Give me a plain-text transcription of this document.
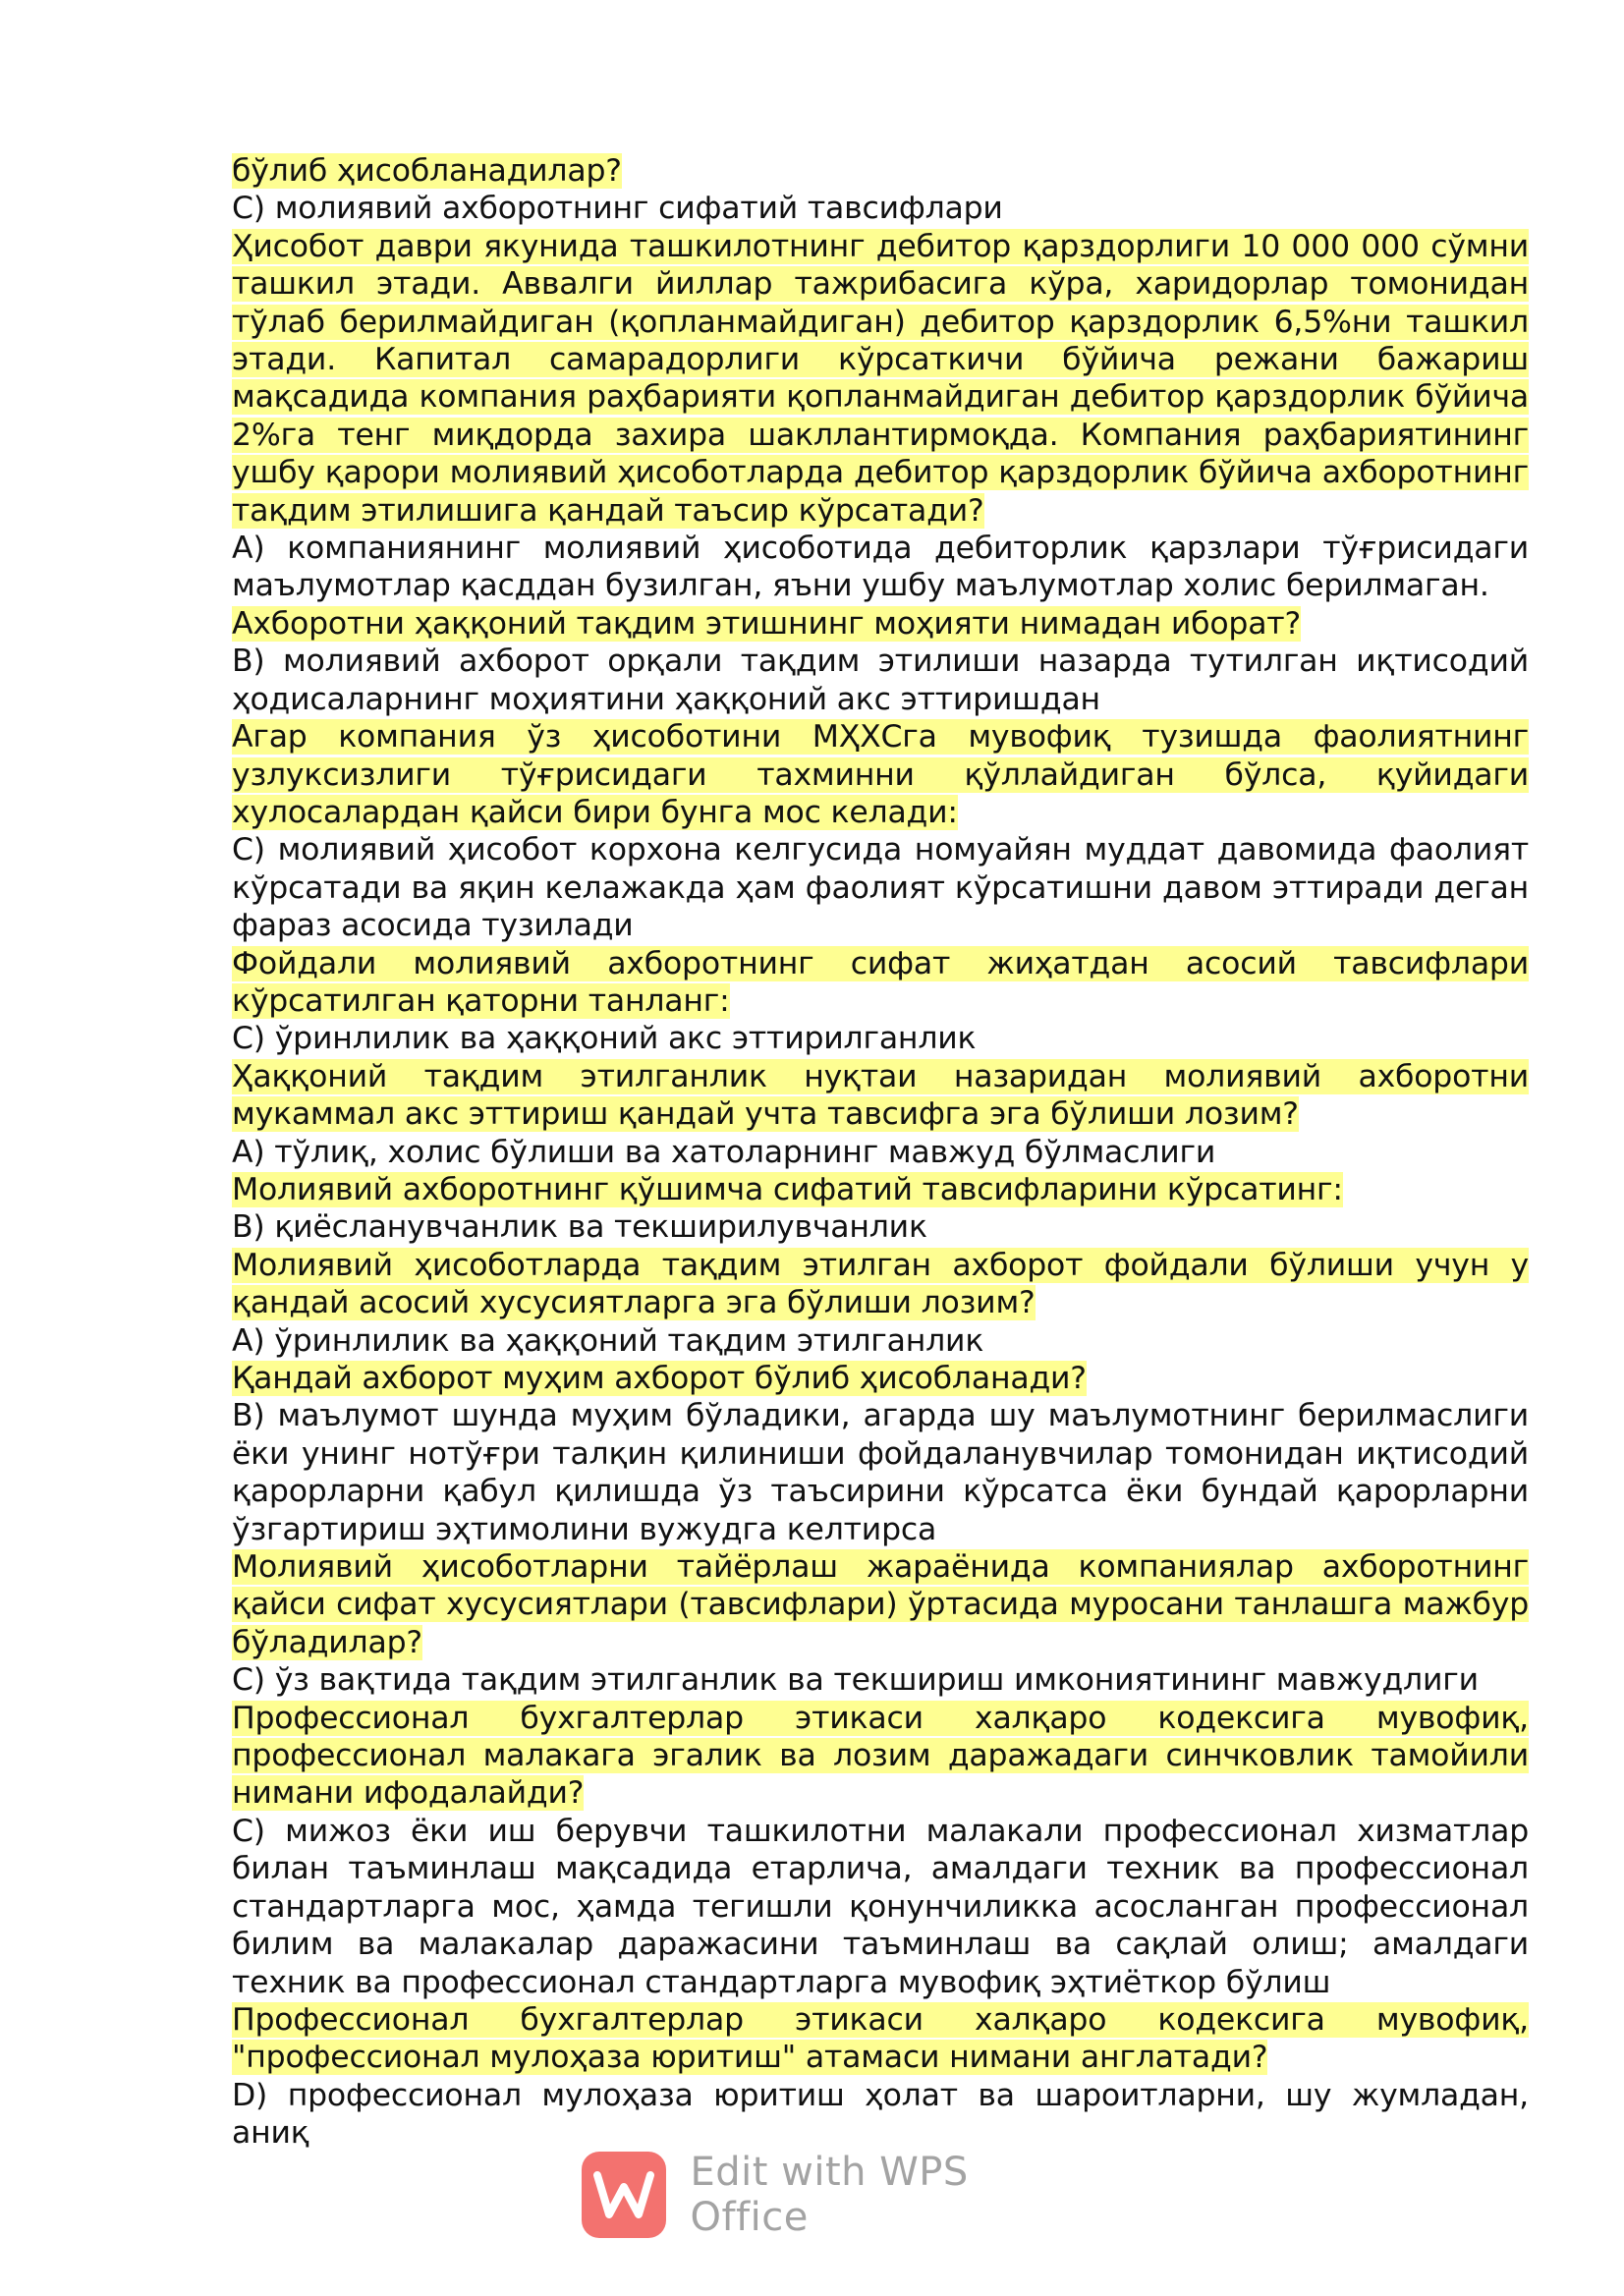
бўлиб ҳисобланадилар?

C) молиявий ахборотнинг сифатий тавсифлари

Ҳисобот даври якунида ташкилотнинг дебитор қарздорлиги 10 000 000 сўмни ташкил этади. Аввалги йиллар тажрибасига кўра, харидорлар томонидан тўлаб берилмайдиган (қопланмайдиган) дебитор қарздорлик 6,5%ни ташкил этади. Капитал самарадорлиги кўрсаткичи бўйича режани бажариш мақсадида компания раҳбарияти қопланмайдиган дебитор қарздорлик бўйича 2%га тенг миқдорда захира шакллантирмоқда. Компания раҳбариятининг ушбу қарори молиявий ҳисоботларда дебитор қарздорлик бўйича ахборотнинг тақдим этилишига қандай таъсир кўрсатади?

A) компаниянинг молиявий ҳисоботида дебиторлик қарзлари тўғрисидаги маълумотлар қасддан бузилган, яъни ушбу маълумотлар холис берилмаган.

Ахборотни ҳаққоний тақдим этишнинг моҳияти нимадан иборат?

B) молиявий ахборот орқали тақдим этилиши назарда тутилган иқтисодий ҳодисаларнинг моҳиятини ҳаққоний акс эттиришдан

Агар компания ўз ҳисоботини МҲХСга мувофиқ тузишда фаолиятнинг узлуксизлиги тўғрисидаги тахминни қўллайдиган бўлса, қуйидаги хулосалардан қайси бири бунга мос келади:

C) молиявий ҳисобот корхона келгусида номуайян муддат давомида фаолият кўрсатади ва яқин келажакда ҳам фаолият кўрсатишни давом эттиради деган фараз асосида тузилади

Фойдали молиявий ахборотнинг сифат жиҳатдан асосий тавсифлари кўрсатилган қаторни танланг:

C) ўринлилик ва ҳаққоний акс эттирилганлик

Ҳаққоний тақдим этилганлик нуқтаи назаридан молиявий ахборотни мукаммал акс эттириш қандай учта тавсифга эга бўлиши лозим?

A) тўлиқ, холис бўлиши ва хатоларнинг мавжуд бўлмаслиги

Молиявий ахборотнинг қўшимча сифатий тавсифларини кўрсатинг:

B) қиёсланувчанлик ва текширилувчанлик

Молиявий ҳисоботларда тақдим этилган ахборот фойдали бўлиши учун у қандай асосий хусусиятларга эга бўлиши лозим?

A) ўринлилик ва ҳаққоний тақдим этилганлик

Қандай ахборот муҳим ахборот бўлиб ҳисобланади?

B) маълумот шунда муҳим бўладики, агарда шу маълумотнинг берилмаслиги ёки унинг нотўғри талқин қилиниши фойдаланувчилар томонидан иқтисодий қарорларни қабул қилишда ўз таъсирини кўрсатса ёки бундай қарорларни ўзгартириш эҳтимолини вужудга келтирса

Молиявий ҳисоботларни тайёрлаш жараёнида компаниялар ахборотнинг қайси сифат хусусиятлари (тавсифлари) ўртасида муросани танлашга мажбур бўладилар?

C) ўз вақтида тақдим этилганлик ва текшириш имкониятининг мавжудлиги

Профессионал бухгалтерлар этикаси халқаро кодексига мувофиқ, профессионал малакага эгалик ва лозим даражадаги синчковлик тамойили нимани ифодалайди?

C) мижоз ёки иш берувчи ташкилотни малакали профессионал хизматлар билан таъминлаш мақсадида етарлича, амалдаги техник ва профессионал стандартларга мос, ҳамда тегишли қонунчиликка асосланган профессионал билим ва малакалар даражасини таъминлаш ва сақлай олиш; амалдаги техник ва профессионал стандартларга мувофиқ эҳтиёткор бўлиш

Профессионал бухгалтерлар этикаси халқаро кодексига мувофиқ, "профессионал мулоҳаза юритиш" атамаси нимани англатади?

D) профессионал мулоҳаза юритиш ҳолат ва шароитларни, шу жумладан, аниқ

Edit with WPS Office
